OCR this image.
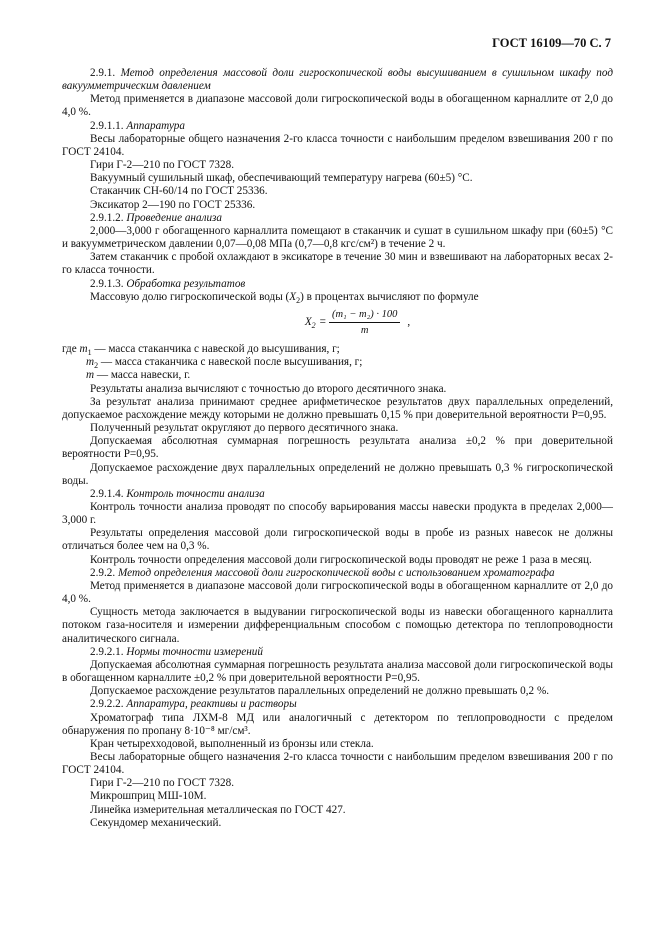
ГОСТ 16109—70 С. 7

2.9.1. Метод определения массовой доли гигроскопической воды высушиванием в сушильном шкафу под вакуумметрическим давлением

Метод применяется в диапазоне массовой доли гигроскопической воды в обогащенном карналлите от 2,0 до 4,0 %.

2.9.1.1. Аппаратура

Весы лабораторные общего назначения 2-го класса точности с наибольшим пределом взвешивания 200 г по ГОСТ 24104.

Гири Г-2—210 по ГОСТ 7328.

Вакуумный сушильный шкаф, обеспечивающий температуру нагрева (60±5) °С.

Стаканчик СН-60/14 по ГОСТ 25336.

Эксикатор 2—190 по ГОСТ 25336.

2.9.1.2. Проведение анализа

2,000—3,000 г обогащенного карналлита помещают в стаканчик и сушат в сушильном шкафу при (60±5) °С и вакуумметрическом давлении 0,07—0,08 МПа (0,7—0,8 кгс/см²) в течение 2 ч.

Затем стаканчик с пробой охлаждают в эксикаторе в течение 30 мин и взвешивают на лабораторных весах 2-го класса точности.

2.9.1.3. Обработка результатов

Массовую долю гигроскопической воды $(X_2)$ в процентах вычисляют по формуле

$X_2 = \frac{\text{(m₁ − m₂) · 100}}{m}$ ,

где $m_1$ — масса стаканчика с навеской до высушивания, г;

$m_2$ — масса стаканчика с навеской после высушивания, г;

m — масса навески, г.

Результаты анализа вычисляют с точностью до второго десятичного знака.

За результат анализа принимают среднее арифметическое результатов двух параллельных определений, допускаемое расхождение между которыми не должно превышать 0,15 % при доверительной вероятности P=0,95.

Полученный результат округляют до первого десятичного знака.

Допускаемая абсолютная суммарная погрешность результата анализа ±0,2 % при доверительной вероятности P=0,95.

Допускаемое расхождение двух параллельных определений не должно превышать 0,3 % гигроскопической воды.

2.9.1.4. Контроль точности анализа

Контроль точности анализа проводят по способу варьирования массы навески продукта в пределах 2,000—3,000 г.

Результаты определения массовой доли гигроскопической воды в пробе из разных навесок не должны отличаться более чем на 0,3 %.

Контроль точности определения массовой доли гигроскопической воды проводят не реже 1 раза в месяц.

2.9.2. Метод определения массовой доли гигроскопической воды с использованием хроматографа

Метод применяется в диапазоне массовой доли гигроскопической воды в обогащенном карналлите от 2,0 до 4,0 %.

Сущность метода заключается в выдувании гигроскопической воды из навески обогащенного карналлита потоком газа-носителя и измерении дифференциальным способом с помощью детектора по теплопроводности аналитического сигнала.

2.9.2.1. Нормы точности измерений

Допускаемая абсолютная суммарная погрешность результата анализа массовой доли гигроскопической воды в обогащенном карналлите ±0,2 % при доверительной вероятности P=0,95.

Допускаемое расхождение результатов параллельных определений не должно превышать 0,2 %.

2.9.2.2. Аппаратура, реактивы и растворы

Хроматограф типа ЛХМ-8 МД или аналогичный с детектором по теплопроводности с пределом обнаружения по пропану 8·10⁻⁸ мг/см³.

Кран четырехходовой, выполненный из бронзы или стекла.

Весы лабораторные общего назначения 2-го класса точности с наибольшим пределом взвешивания 200 г по ГОСТ 24104.

Гири Г-2—210 по ГОСТ 7328.

Микрошприц МШ-10М.

Линейка измерительная металлическая по ГОСТ 427.

Секундомер механический.
